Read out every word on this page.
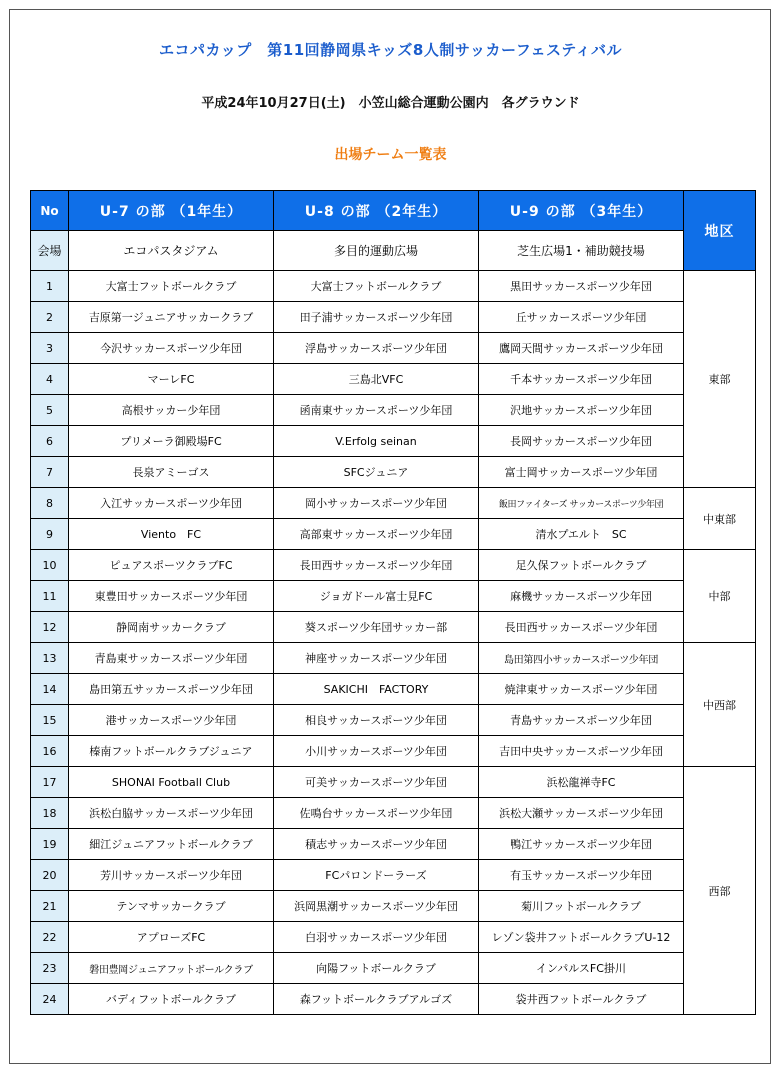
エコパカップ　第11回静岡県キッズ8人制サッカーフェスティバル
平成24年10月27日(土)　小笠山総合運動公園内　各グラウンド
出場チーム一覧表
No	U-7 の部 （1年生）	U-8 の部 （2年生）	U-9 の部 （3年生）	地区
会場	エコパスタジアム	多目的運動広場	芝生広場1・補助競技場	
1	大富士フットボールクラブ	大富士フットボールクラブ	黒田サッカースポーツ少年団	東部
2	吉原第一ジュニアサッカークラブ	田子浦サッカースポーツ少年団	丘サッカースポーツ少年団	
3	今沢サッカースポーツ少年団	浮島サッカースポーツ少年団	鷹岡天間サッカースポーツ少年団	
4	マーレFC	三島北VFC	千本サッカースポーツ少年団	
5	高根サッカー少年団	函南東サッカースポーツ少年団	沢地サッカースポーツ少年団	
6	プリメーラ御殿場FC	V.Erfolg seinan	長岡サッカースポーツ少年団	
7	長泉アミーゴス	SFCジュニア	富士岡サッカースポーツ少年団	
8	入江サッカースポーツ少年団	岡小サッカースポーツ少年団	飯田ファイターズ サッカースポーツ少年団	中東部
9	Viento　FC	高部東サッカースポーツ少年団	清水プエルト　SC	
10	ピュアスポーツクラブFC	長田西サッカースポーツ少年団	足久保フットボールクラブ	中部
11	東豊田サッカースポーツ少年団	ジョガドール富士見FC	麻機サッカースポーツ少年団	
12	静岡南サッカークラブ	葵スポーツ少年団サッカー部	長田西サッカースポーツ少年団	
13	青島東サッカースポーツ少年団	神座サッカースポーツ少年団	島田第四小サッカースポーツ少年団	中西部
14	島田第五サッカースポーツ少年団	SAKICHI　FACTORY	焼津東サッカースポーツ少年団	
15	港サッカースポーツ少年団	相良サッカースポーツ少年団	青島サッカースポーツ少年団	
16	榛南フットボールクラブジュニア	小川サッカースポーツ少年団	吉田中央サッカースポーツ少年団	
17	SHONAI Football Club	可美サッカースポーツ少年団	浜松龍禅寺FC	西部
18	浜松白脇サッカースポーツ少年団	佐鳴台サッカースポーツ少年団	浜松大瀬サッカースポーツ少年団	
19	細江ジュニアフットボールクラブ	積志サッカースポーツ少年団	鴨江サッカースポーツ少年団	
20	芳川サッカースポーツ少年団	FCパロンドーラーズ	有玉サッカースポーツ少年団	
21	テンマサッカークラブ	浜岡黒潮サッカースポーツ少年団	菊川フットボールクラブ	
22	アプローズFC	白羽サッカースポーツ少年団	レゾン袋井フットボールクラブU-12	
23	磐田豊岡ジュニアフットボールクラブ	向陽フットボールクラブ	インパルスFC掛川	
24	バディフットボールクラブ	森フットボールクラブアルゴズ	袋井西フットボールクラブ	
